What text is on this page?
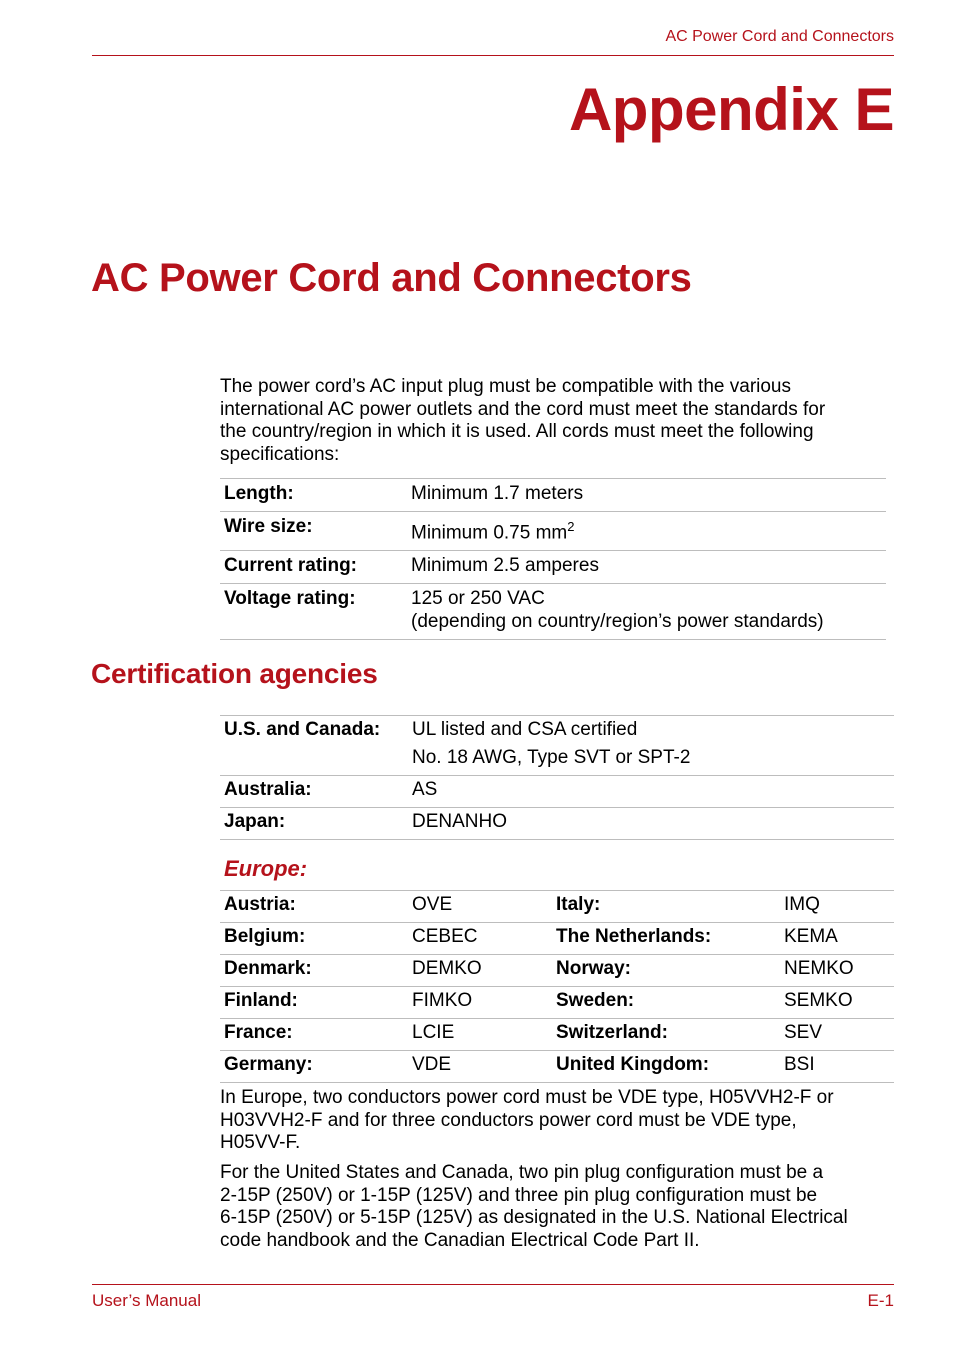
AC Power Cord and Connectors
Appendix E
AC Power Cord and Connectors
The power cord’s AC input plug must be compatible with the various
international AC power outlets and the cord must meet the standards for
the country/region in which it is used. All cords must meet the following
specifications:
Length:	Minimum 1.7 meters
Wire size:	Minimum 0.75 $mm^2$
Current rating:	Minimum 2.5 amperes
Voltage rating:	125 or 250 VAC
(depending on country/region’s power standards)
Certification agencies
U.S. and Canada:	UL listed and CSA certified
No. 18 AWG, Type SVT or SPT-2

Australia:	AS
Japan:	DENANHO
Europe:
Austria:	OVE	Italy:	IMQ
Belgium:	CEBEC	The Netherlands:	KEMA
Denmark:	DEMKO	Norway:	NEMKO
Finland:	FIMKO	Sweden:	SEMKO
France:	LCIE	Switzerland:	SEV
Germany:	VDE	United Kingdom:	BSI
In Europe, two conductors power cord must be VDE type, H05VVH2-F or
H03VVH2-F and for three conductors power cord must be VDE type,
H05VV-F.
For the United States and Canada, two pin plug configuration must be a
2-15P (250V) or 1-15P (125V) and three pin plug configuration must be
6-15P (250V) or 5-15P (125V) as designated in the U.S. National Electrical
code handbook and the Canadian Electrical Code Part II.
User’s Manual	E-1
